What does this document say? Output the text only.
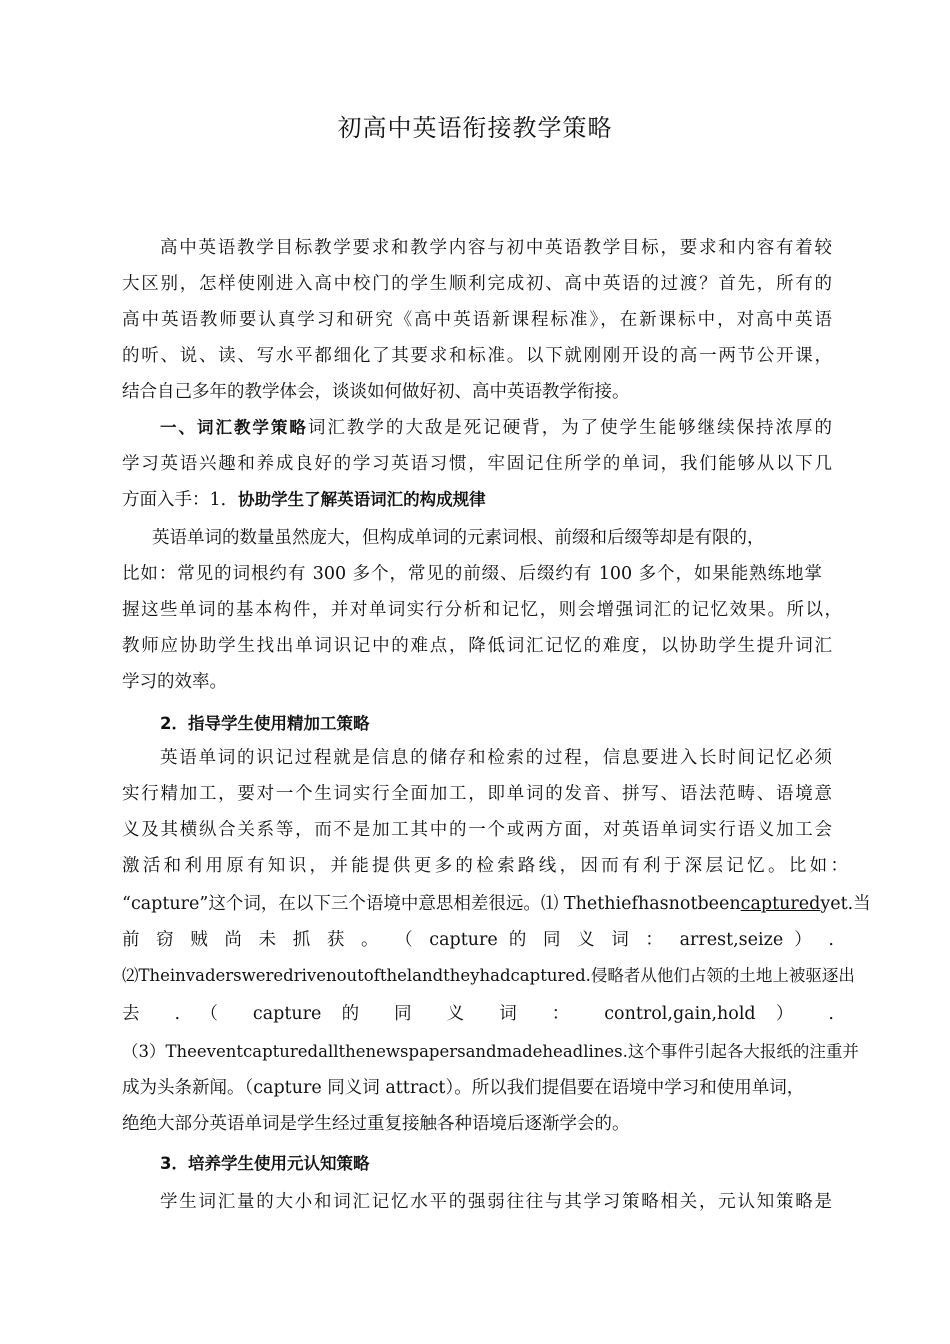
初高中英语衔接教学策略
高中英语教学目标教学要求和教学内容与初中英语教学目标，要求和内容有着较
大区别，怎样使刚进入高中校门的学生顺利完成初、高中英语的过渡？首先，所有的
高中英语教师要认真学习和研究《高中英语新课程标准》，在新课标中，对高中英语
的听、说、读、写水平都细化了其要求和标准。以下就刚刚开设的高一两节公开课，
结合自己多年的教学体会，谈谈如何做好初、高中英语教学衔接。
一、词汇教学策略词汇教学的大敌是死记硬背，为了使学生能够继续保持浓厚的
学习英语兴趣和养成良好的学习英语习惯，牢固记住所学的单词，我们能够从以下几
方面入手：1．协助学生了解英语词汇的构成规律
英语单词的数量虽然庞大，但构成单词的元素词根、前缀和后缀等却是有限的，
比如：常见的词根约有 300 多个，常见的前缀、后缀约有 100 多个，如果能熟练地掌
握这些单词的基本构件，并对单词实行分析和记忆，则会增强词汇的记忆效果。所以，
教师应协助学生找出单词识记中的难点，降低词汇记忆的难度，以协助学生提升词汇
学习的效率。
2．指导学生使用精加工策略
英语单词的识记过程就是信息的储存和检索的过程，信息要进入长时间记忆必须
实行精加工，要对一个生词实行全面加工，即单词的发音、拼写、语法范畴、语境意
义及其横纵合关系等，而不是加工其中的一个或两方面，对英语单词实行语义加工会
激活和利用原有知识，并能提供更多的检索路线，因而有利于深层记忆。比如：
“capture”这个词，在以下三个语境中意思相差很远。⑴ Thethiefhasnotbeencapturedyet.当
前 窃 贼 尚 未 抓 获 。 （ capture 的 同 义 词 ： arrest,seize ） .
⑵Theinvadersweredrivenoutofthelandtheyhadcaptured.侵略者从他们占领的土地上被驱逐出
去 . （ capture 的 同 义 词 ： control,gain,hold ） .
（3）Theeventcapturedallthenewspapersandmadeheadlines.这个事件引起各大报纸的注重并
成为头条新闻。（capture 同义词 attract）。所以我们提倡要在语境中学习和使用单词，
绝绝大部分英语单词是学生经过重复接触各种语境后逐渐学会的。
3．培养学生使用元认知策略
学生词汇量的大小和词汇记忆水平的强弱往往与其学习策略相关，元认知策略是
